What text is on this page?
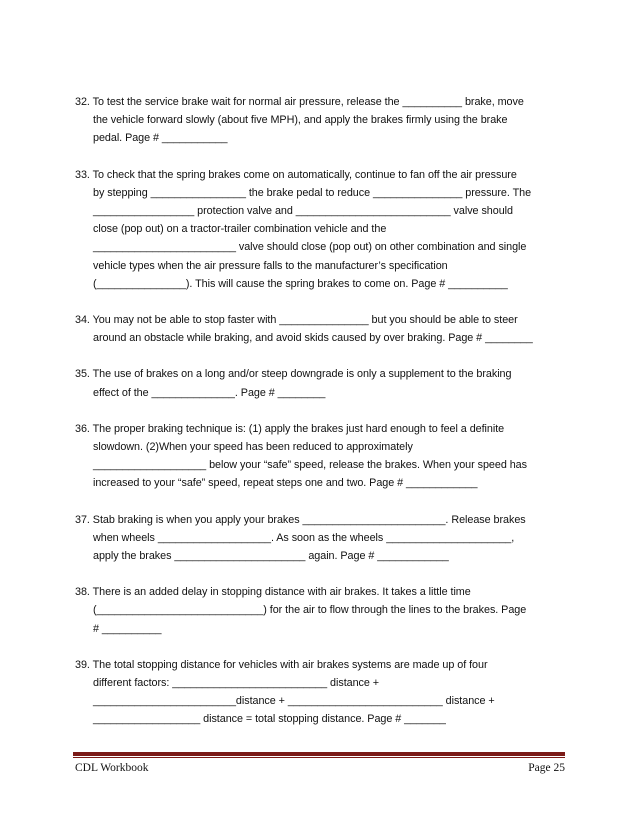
32. To test the service brake wait for normal air pressure, release the __________ brake, move
the vehicle forward slowly (about five MPH), and apply the brakes firmly using the brake
pedal. Page # ___________
33. To check that the spring brakes come on automatically, continue to fan off the air pressure
by stepping ________________ the brake pedal to reduce _______________ pressure. The
_________________ protection valve and __________________________ valve should
close (pop out) on a tractor-trailer combination vehicle and the
________________________ valve should close (pop out) on other combination and single
vehicle types when the air pressure falls to the manufacturer’s specification
(_______________). This will cause the spring brakes to come on. Page # __________
34. You may not be able to stop faster with _______________ but you should be able to steer
around an obstacle while braking, and avoid skids caused by over braking. Page # ________
35. The use of brakes on a long and/or steep downgrade is only a supplement to the braking
effect of the ______________. Page # ________
36. The proper braking technique is: (1) apply the brakes just hard enough to feel a definite
slowdown. (2)When your speed has been reduced to approximately
___________________ below your “safe” speed, release the brakes. When your speed has
increased to your “safe” speed, repeat steps one and two. Page # ____________
37. Stab braking is when you apply your brakes ________________________. Release brakes
when wheels ___________________. As soon as the wheels _____________________,
apply the brakes ______________________ again. Page # ____________
38. There is an added delay in stopping distance with air brakes. It takes a little time
(____________________________) for the air to flow through the lines to the brakes. Page
# __________
39. The total stopping distance for vehicles with air brakes systems are made up of four
different factors: __________________________ distance +
________________________distance + __________________________ distance +
__________________ distance = total stopping distance. Page # _______
CDL Workbook	Page 25
